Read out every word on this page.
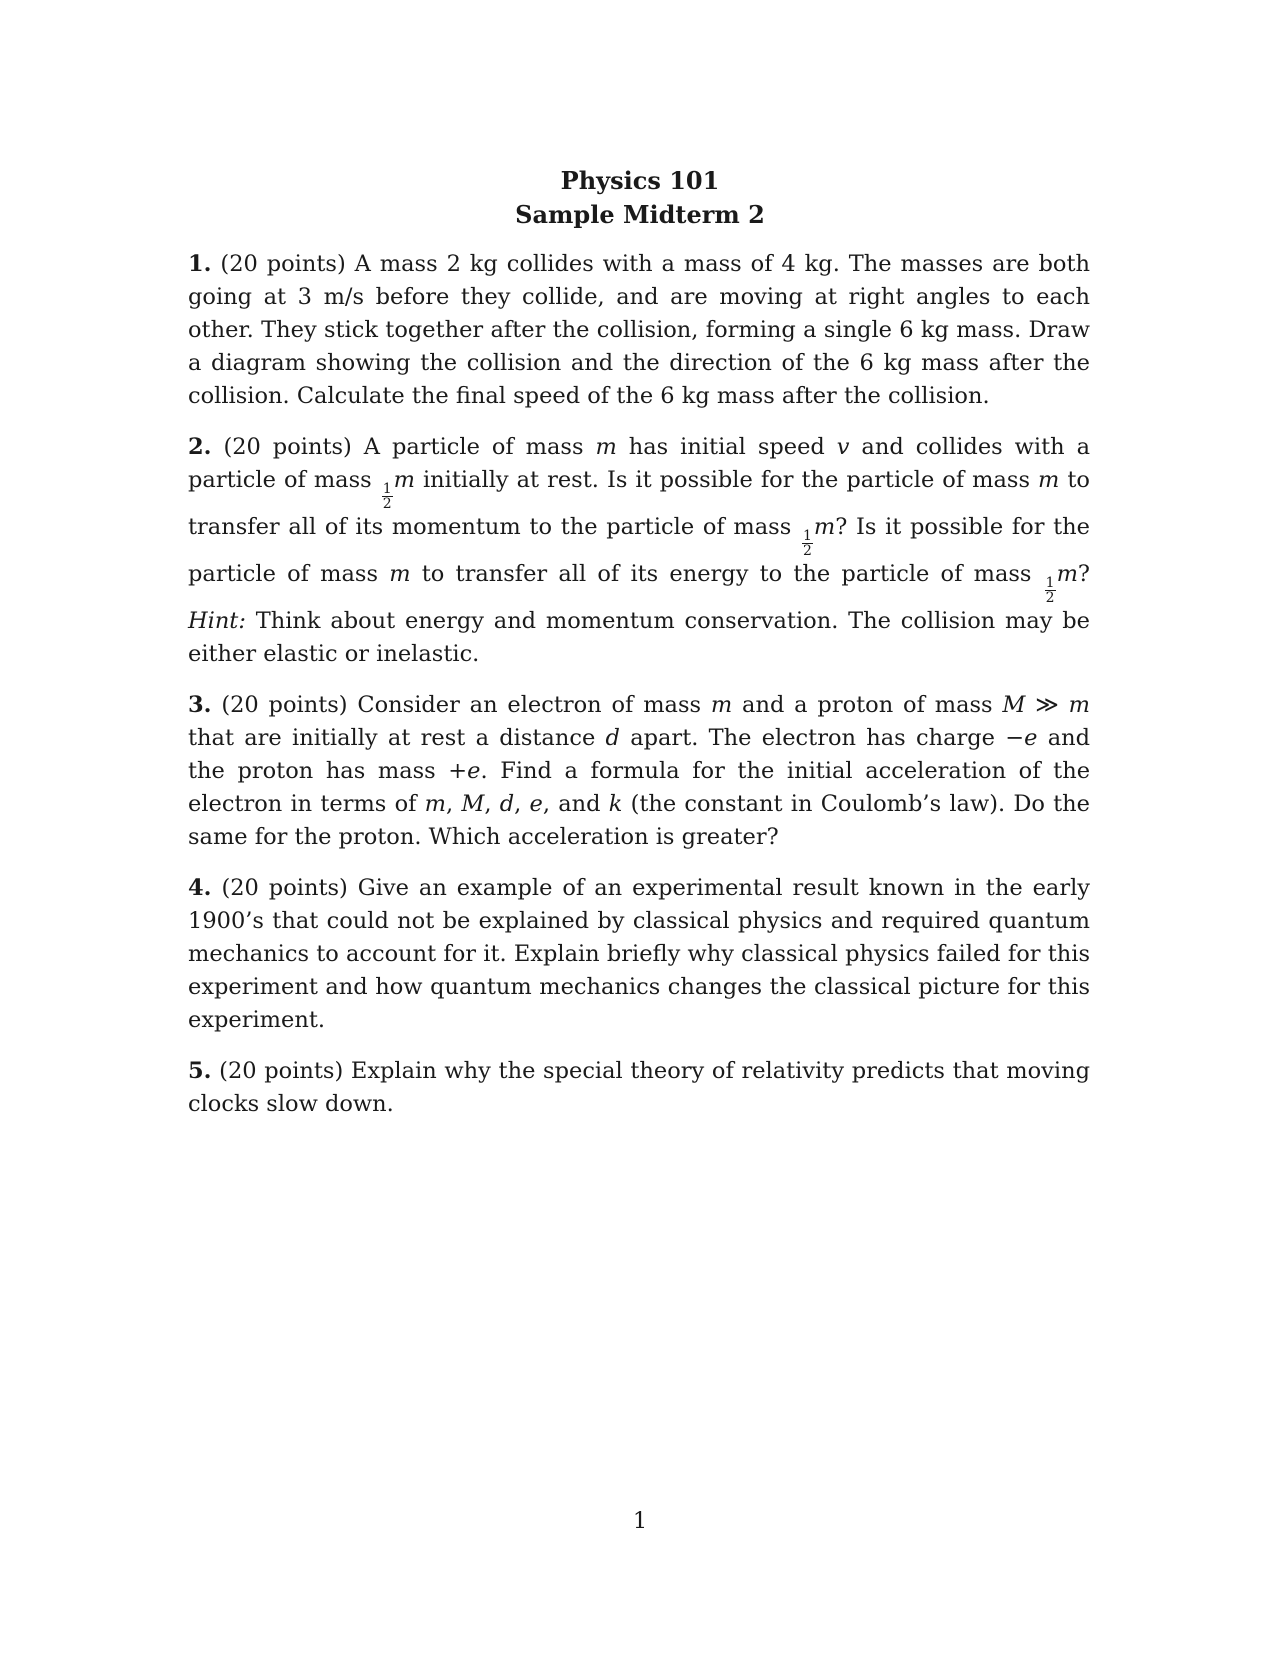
Physics 101
Sample Midterm 2

1. (20 points) A mass 2 kg collides with a mass of 4 kg. The masses are both going at 3 m/s before they collide, and are moving at right angles to each other. They stick together after the collision, forming a single 6 kg mass. Draw a diagram showing the collision and the direction of the 6 kg mass after the collision. Calculate the final speed of the 6 kg mass after the collision.

2. (20 points) A particle of mass m has initial speed v and collides with a particle of mass
$\frac{1}{2}$
m initially at rest. Is it possible for the particle of mass m to transfer all of its momentum to the particle of mass
$\frac{1}{2}$
m? Is it possible for the particle of mass m to transfer all of its energy to the particle of mass
$\frac{1}{2}$
m? Hint: Think about energy and momentum conservation. The collision may be either elastic or inelastic.

3. (20 points) Consider an electron of mass m and a proton of mass M ≫ m that are initially at rest a distance d apart. The electron has charge −e and the proton has mass +e. Find a formula for the initial acceleration of the electron in terms of m, M, d, e, and k (the constant in Coulomb’s law). Do the same for the proton. Which acceleration is greater?

4. (20 points) Give an example of an experimental result known in the early 1900’s that could not be explained by classical physics and required quantum mechanics to account for it. Explain briefly why classical physics failed for this experiment and how quantum mechanics changes the classical picture for this experiment.

5. (20 points) Explain why the special theory of relativity predicts that moving clocks slow down.

1
